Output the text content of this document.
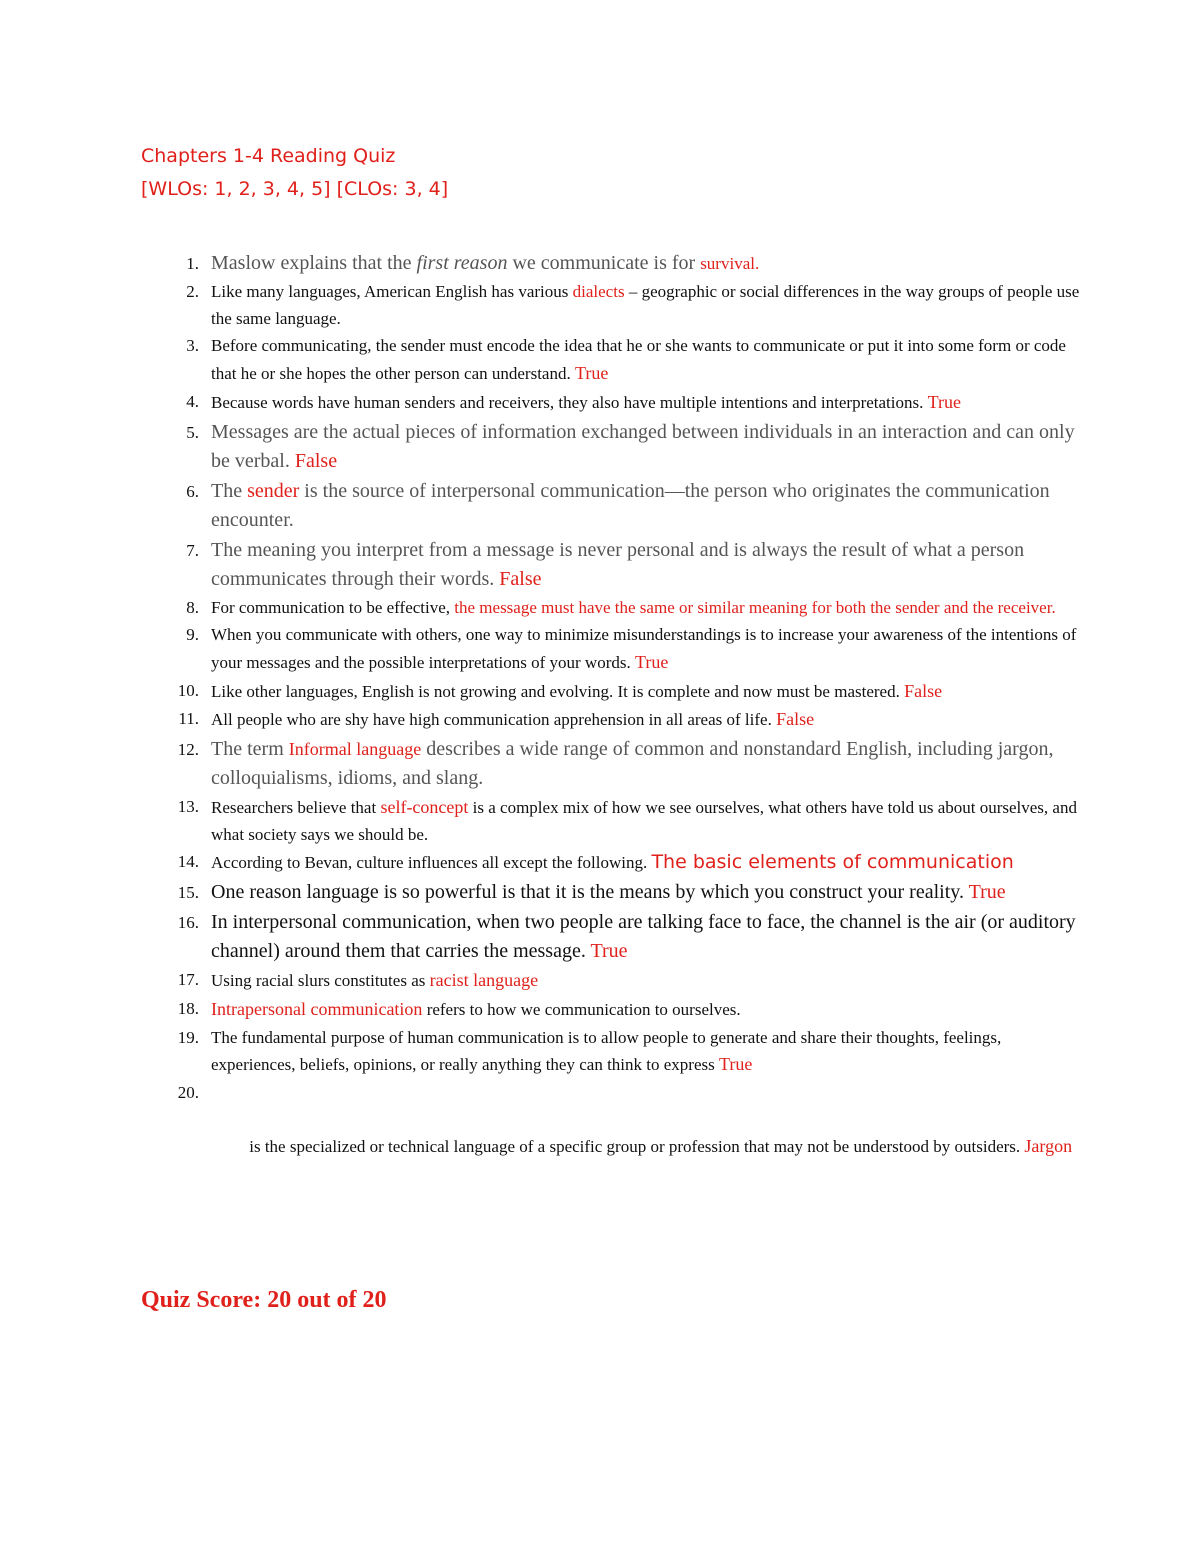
Chapters 1-4 Reading Quiz
[WLOs: 1, 2, 3, 4, 5] [CLOs: 3, 4]
1. Maslow explains that the first reason we communicate is for survival.
2. Like many languages, American English has various dialects – geographic or social differences in the way groups of people use the same language.
3. Before communicating, the sender must encode the idea that he or she wants to communicate or put it into some form or code that he or she hopes the other person can understand. True
4. Because words have human senders and receivers, they also have multiple intentions and interpretations. True
5. Messages are the actual pieces of information exchanged between individuals in an interaction and can only be verbal. False
6. The sender is the source of interpersonal communication—the person who originates the communication encounter.
7. The meaning you interpret from a message is never personal and is always the result of what a person communicates through their words. False
8. For communication to be effective, the message must have the same or similar meaning for both the sender and the receiver.
9. When you communicate with others, one way to minimize misunderstandings is to increase your awareness of the intentions of your messages and the possible interpretations of your words. True
10. Like other languages, English is not growing and evolving. It is complete and now must be mastered. False
11. All people who are shy have high communication apprehension in all areas of life. False
12. The term Informal language describes a wide range of common and nonstandard English, including jargon, colloquialisms, idioms, and slang.
13. Researchers believe that self-concept is a complex mix of how we see ourselves, what others have told us about ourselves, and what society says we should be.
14. According to Bevan, culture influences all except the following. The basic elements of communication
15. One reason language is so powerful is that it is the means by which you construct your reality. True
16. In interpersonal communication, when two people are talking face to face, the channel is the air (or auditory channel) around them that carries the message. True
17. Using racial slurs constitutes as racist language
18. Intrapersonal communication refers to how we communication to ourselves.
19. The fundamental purpose of human communication is to allow people to generate and share their thoughts, feelings, experiences, beliefs, opinions, or really anything they can think to express True

20.

is the specialized or technical language of a specific group or profession that may not be understood by outsiders. Jargon

Quiz Score: 20 out of 20
